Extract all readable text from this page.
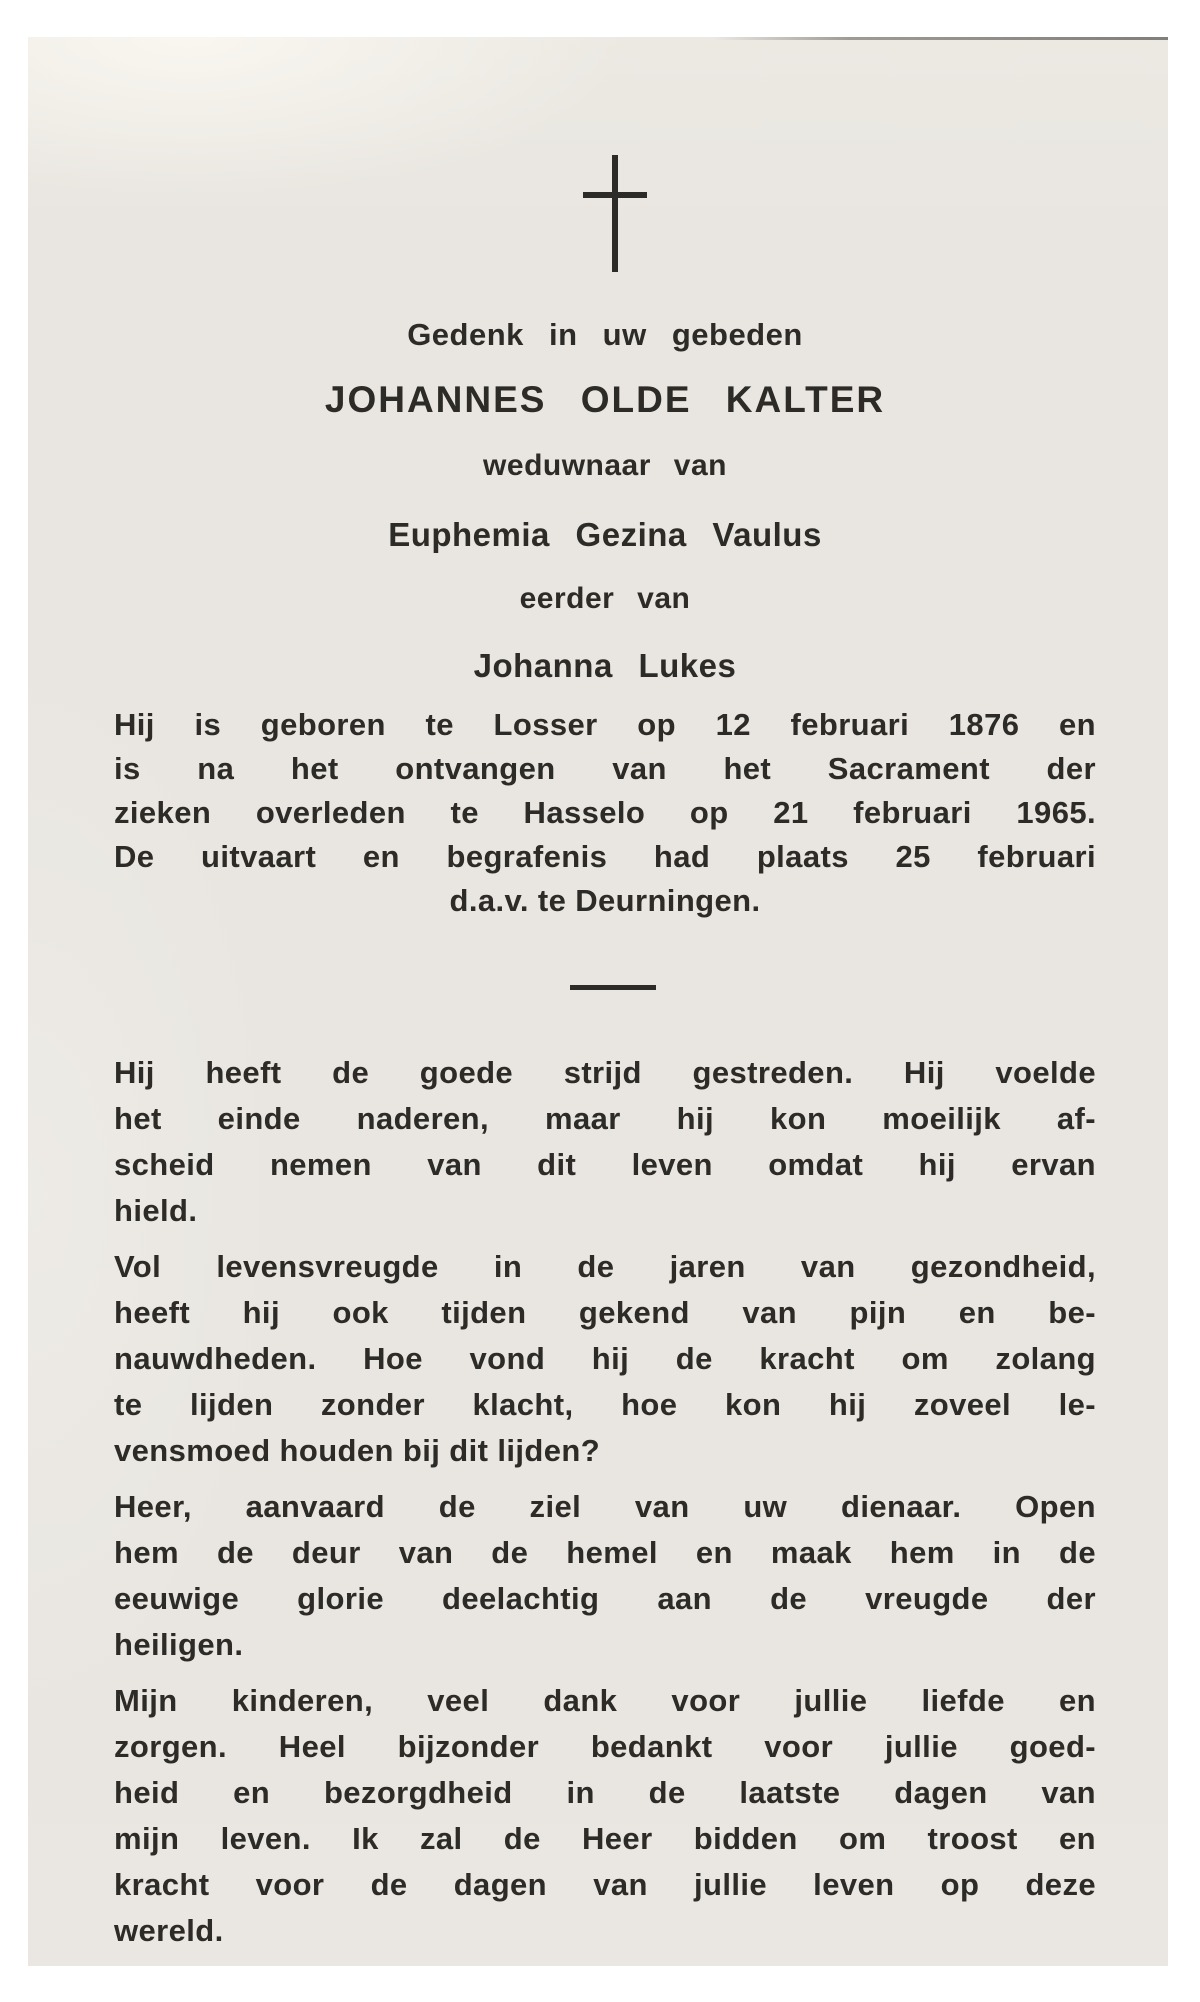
Gedenk in uw gebeden
JOHANNES OLDE KALTER
weduwnaar van
Euphemia Gezina Vaulus
eerder van
Johanna Lukes
Hij is geboren te Losser op 12 februari 1876 en
is na het ontvangen van het Sacrament der
zieken overleden te Hasselo op 21 februari 1965.
De uitvaart en begrafenis had plaats 25 februari
d.a.v. te Deurningen.
Hij heeft de goede strijd gestreden. Hij voelde
het einde naderen, maar hij kon moeilijk af-
scheid nemen van dit leven omdat hij ervan
hield.
Vol levensvreugde in de jaren van gezondheid,
heeft hij ook tijden gekend van pijn en be-
nauwdheden. Hoe vond hij de kracht om zolang
te lijden zonder klacht, hoe kon hij zoveel le-
vensmoed houden bij dit lijden?
Heer, aanvaard de ziel van uw dienaar. Open
hem de deur van de hemel en maak hem in de
eeuwige glorie deelachtig aan de vreugde der
heiligen.
Mijn kinderen, veel dank voor jullie liefde en
zorgen. Heel bijzonder bedankt voor jullie goed-
heid en bezorgdheid in de laatste dagen van
mijn leven. Ik zal de Heer bidden om troost en
kracht voor de dagen van jullie leven op deze
wereld.
